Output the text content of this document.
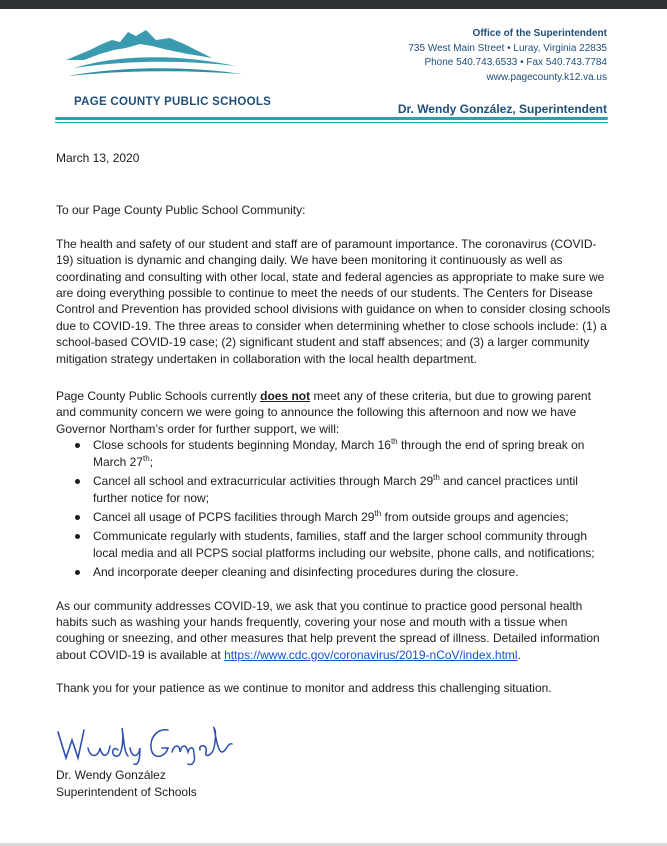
PAGE COUNTY PUBLIC SCHOOLS
Office of the Superintendent
735 West Main Street • Luray, Virginia 22835
Phone 540.743.6533 • Fax 540.743.7784
www.pagecounty.k12.va.us
Dr. Wendy González, Superintendent
March 13, 2020
To our Page County Public School Community:

The health and safety of our student and staff are of paramount importance. The coronavirus (COVID-19) situation is dynamic and changing daily. We have been monitoring it continuously as well as coordinating and consulting with other local, state and federal agencies as appropriate to make sure we are doing everything possible to continue to meet the needs of our students. The Centers for Disease Control and Prevention has provided school divisions with guidance on when to consider closing schools due to COVID-19. The three areas to consider when determining whether to close schools include: (1) a school-based COVID-19 case; (2) significant student and staff absences; and (3) a larger community mitigation strategy undertaken in collaboration with the local health department.

Page County Public Schools currently does not meet any of these criteria, but due to growing parent and community concern we were going to announce the following this afternoon and now we have Governor Northam’s order for further support, we will:

Close schools for students beginning Monday, March 16th through the end of spring break on March 27th;
Cancel all school and extracurricular activities through March 29th and cancel practices until further notice for now;
Cancel all usage of PCPS facilities through March 29th from outside groups and agencies;
Communicate regularly with students, families, staff and the larger school community through local media and all PCPS social platforms including our website, phone calls, and notifications;
And incorporate deeper cleaning and disinfecting procedures during the closure.

As our community addresses COVID-19, we ask that you continue to practice good personal health habits such as washing your hands frequently, covering your nose and mouth with a tissue when coughing or sneezing, and other measures that help prevent the spread of illness. Detailed information about COVID-19 is available at https://www.cdc.gov/coronavirus/2019-nCoV/index.html.

Thank you for your patience as we continue to monitor and address this challenging situation.

Dr. Wendy González
Superintendent of Schools
